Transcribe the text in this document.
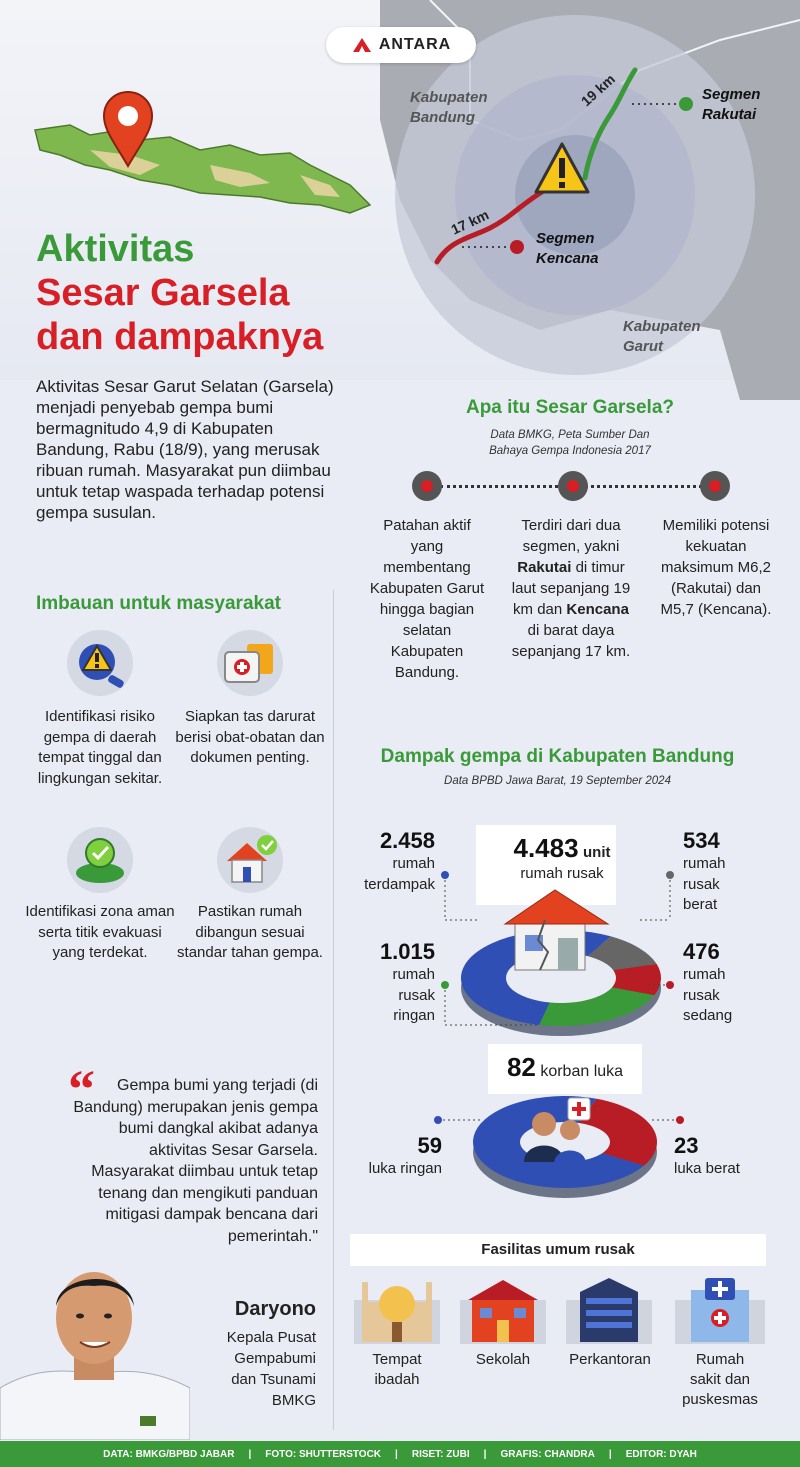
Kabupaten
Bandung
Kabupaten
Garut
19 km
17 km
Segmen
Rakutai
Segmen
Kencana
ANTARA
Aktivitas
Sesar Garsela
dan dampaknya
Aktivitas Sesar Garut Selatan (Garsela) menjadi penyebab gempa bumi bermagnitudo 4,9 di Kabupaten Bandung, Rabu (18/9), yang merusak ribuan rumah. Masyarakat pun diimbau untuk tetap waspada terhadap potensi gempa susulan.
Imbauan untuk masyarakat
Identifikasi risiko gempa di daerah tempat tinggal dan lingkungan sekitar.
Siapkan tas darurat berisi obat-obatan dan dokumen penting.
Identifikasi zona aman serta titik evakuasi yang terdekat.
Pastikan rumah dibangun sesuai standar tahan gempa.
“	Gempa bumi yang terjadi (di Bandung) merupakan jenis gempa bumi dangkal akibat adanya aktivitas Sesar Garsela. Masyarakat diimbau untuk tetap tenang dan mengikuti panduan mitigasi dampak bencana dari pemerintah."
Daryono
Kepala Pusat
Gempabumi
dan Tsunami
BMKG
Apa itu Sesar Garsela?
Data BMKG, Peta Sumber Dan
Bahaya Gempa Indonesia 2017
Patahan aktif yang membentang Kabupaten Garut hingga bagian selatan Kabupaten Bandung.
Terdiri dari dua segmen, yakni Rakutai di timur laut sepanjang 19 km dan Kencana di barat daya sepanjang 17 km.
Memiliki potensi kekuatan maksimum M6,2 (Rakutai) dan M5,7 (Kencana).
Dampak gempa di Kabupaten Bandung
Data BPBD Jawa Barat, 19 September 2024
4.483 unit
rumah rusak
2.458
rumah
terdampak
1.015
rumah
rusak
ringan
534
rumah
rusak
berat
476
rumah
rusak
sedang
82 korban luka
59
luka ringan
23
luka berat
Fasilitas umum rusak
Tempat
ibadah
Sekolah	Perkantoran	Rumah
sakit dan
puskesmas
DATA: BMKG/BPBD JABAR | FOTO: SHUTTERSTOCK | RISET: ZUBI | GRAFIS: CHANDRA | EDITOR: DYAH
